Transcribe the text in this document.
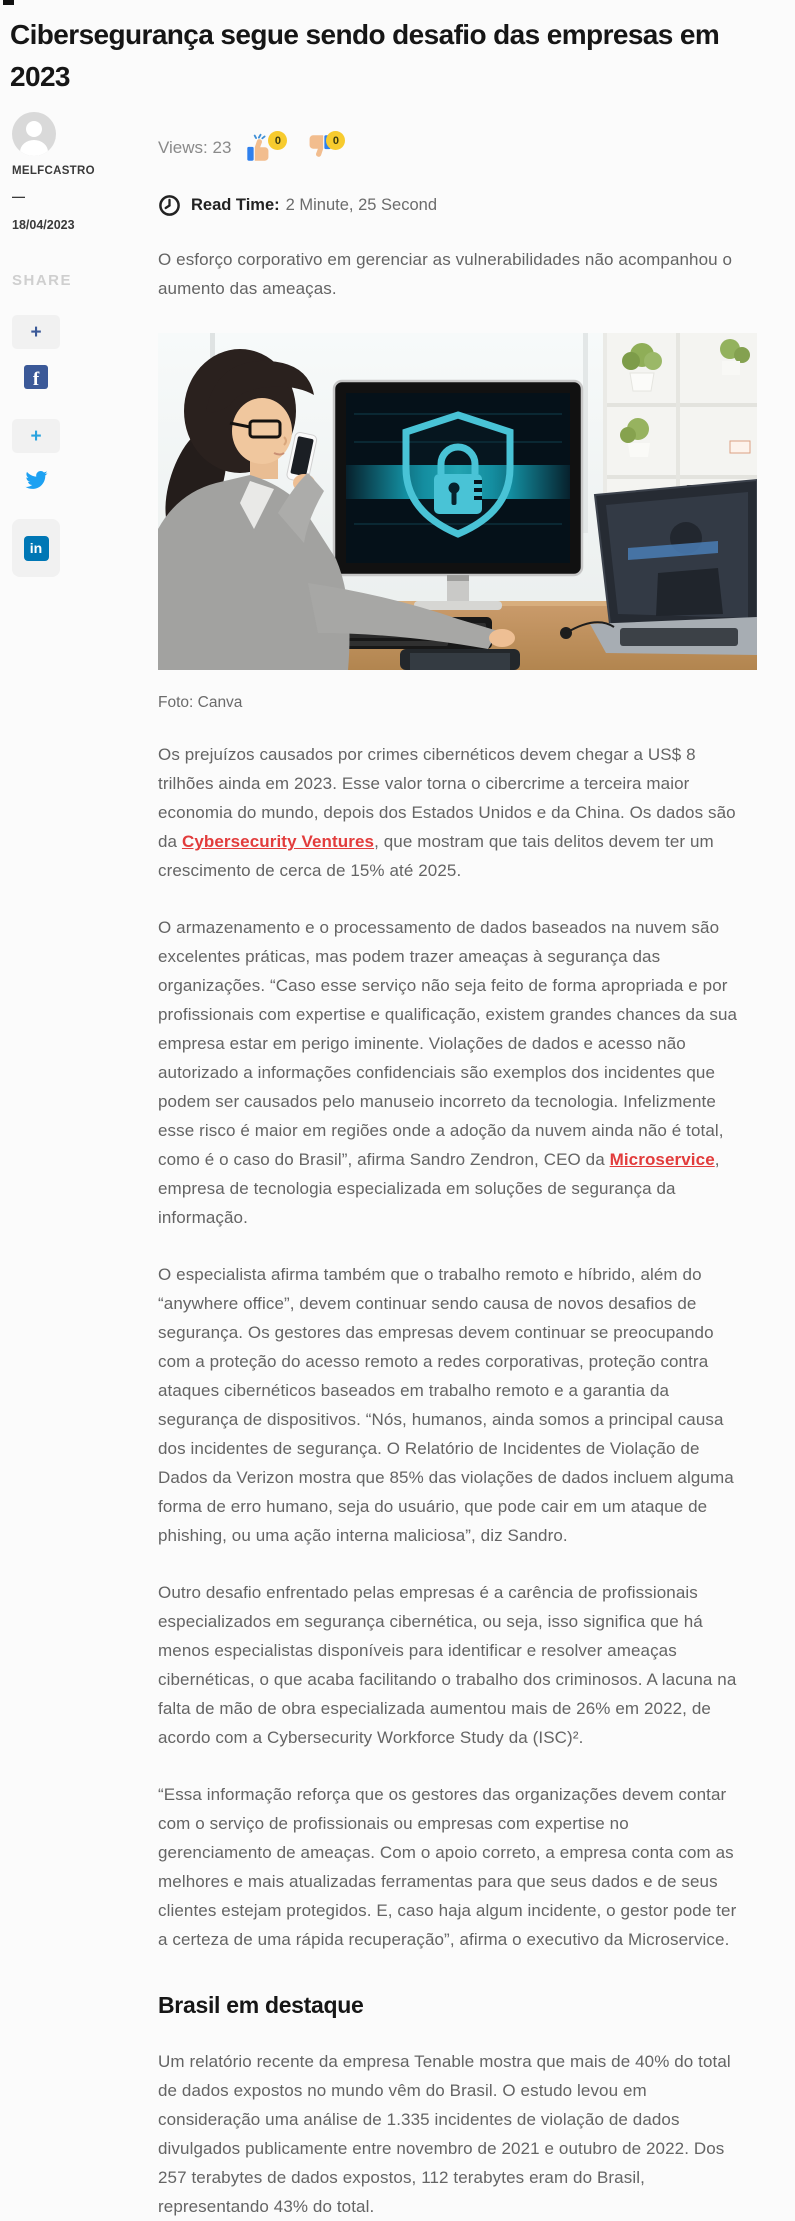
Cibersegurança segue sendo desafio das empresas em 2023
MELFCASTRO
—
18/04/2023
SHARE
+
f
+
in
Views: 23	0	0
Read Time: 2 Minute, 25 Second

O esforço corporativo em gerenciar as vulnerabilidades não acompanhou o aumento das ameaças.

Foto: Canva

Os prejuízos causados por crimes cibernéticos devem chegar a US$ 8 trilhões ainda em 2023. Esse valor torna o cibercrime a terceira maior economia do mundo, depois dos Estados Unidos e da China. Os dados são da Cybersecurity Ventures, que mostram que tais delitos devem ter um crescimento de cerca de 15% até 2025.

O armazenamento e o processamento de dados baseados na nuvem são excelentes práticas, mas podem trazer ameaças à segurança das organizações. “Caso esse serviço não seja feito de forma apropriada e por profissionais com expertise e qualificação, existem grandes chances da sua empresa estar em perigo iminente. Violações de dados e acesso não autorizado a informações confidenciais são exemplos dos incidentes que podem ser causados pelo manuseio incorreto da tecnologia. Infelizmente esse risco é maior em regiões onde a adoção da nuvem ainda não é total, como é o caso do Brasil”, afirma Sandro Zendron, CEO da Microservice, empresa de tecnologia especializada em soluções de segurança da informação.

O especialista afirma também que o trabalho remoto e híbrido, além do “anywhere office”, devem continuar sendo causa de novos desafios de segurança. Os gestores das empresas devem continuar se preocupando com a proteção do acesso remoto a redes corporativas, proteção contra ataques cibernéticos baseados em trabalho remoto e a garantia da segurança de dispositivos. “Nós, humanos, ainda somos a principal causa dos incidentes de segurança. O Relatório de Incidentes de Violação de Dados da Verizon mostra que 85% das violações de dados incluem alguma forma de erro humano, seja do usuário, que pode cair em um ataque de phishing, ou uma ação interna maliciosa”, diz Sandro.

Outro desafio enfrentado pelas empresas é a carência de profissionais especializados em segurança cibernética, ou seja, isso significa que há menos especialistas disponíveis para identificar e resolver ameaças cibernéticas, o que acaba facilitando o trabalho dos criminosos. A lacuna na falta de mão de obra especializada aumentou mais de 26% em 2022, de acordo com a Cybersecurity Workforce Study da (ISC)².

“Essa informação reforça que os gestores das organizações devem contar com o serviço de profissionais ou empresas com expertise no gerenciamento de ameaças. Com o apoio correto, a empresa conta com as melhores e mais atualizadas ferramentas para que seus dados e de seus clientes estejam protegidos. E, caso haja algum incidente, o gestor pode ter a certeza de uma rápida recuperação”, afirma o executivo da Microservice.

Brasil em destaque

Um relatório recente da empresa Tenable mostra que mais de 40% do total de dados expostos no mundo vêm do Brasil. O estudo levou em consideração uma análise de 1.335 incidentes de violação de dados divulgados publicamente entre novembro de 2021 e outubro de 2022. Dos 257 terabytes de dados expostos, 112 terabytes eram do Brasil, representando 43% do total.
